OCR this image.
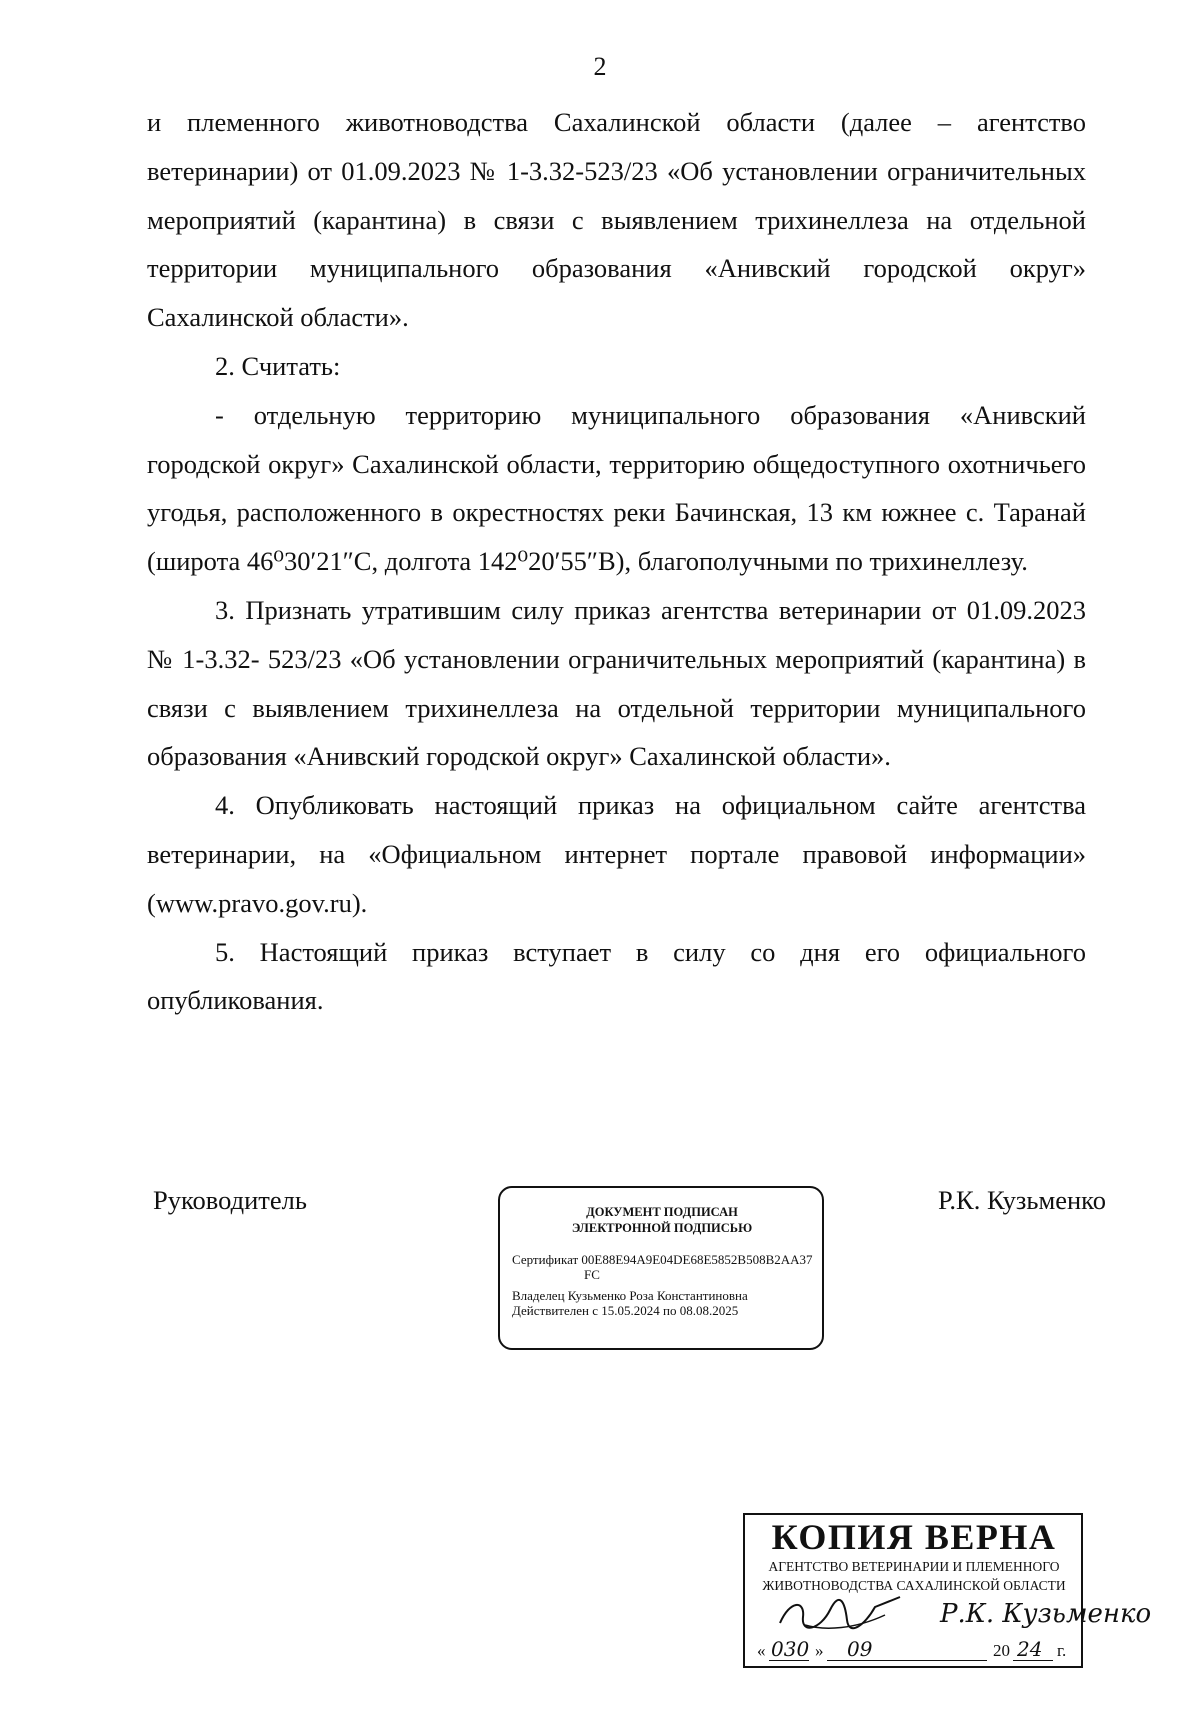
2

и племенного животноводства Сахалинской области (далее – агентство ветеринарии) от 01.09.2023 № 1-3.32-523/23 «Об установлении ограничительных мероприятий (карантина) в связи с выявлением трихинеллеза на отдельной территории муниципального образования «Анивский городской округ» Сахалинской области».

2. Считать:

- отдельную территорию муниципального образования «Анивский городской округ» Сахалинской области, территорию общедоступного охотничьего угодья, расположенного в окрестностях реки Бачинская, 13 км южнее с. Таранай (широта 46⁰30′21″С, долгота 142⁰20′55″В), благополучными по трихинеллезу.

3. Признать утратившим силу приказ агентства ветеринарии от 01.09.2023 № 1-3.32- 523/23 «Об установлении ограничительных мероприятий (карантина) в связи с выявлением трихинеллеза на отдельной территории муниципального образования «Анивский городской округ» Сахалинской области».

4. Опубликовать настоящий приказ на официальном сайте агентства ветеринарии, на «Официальном интернет портале правовой информации» (www.pravo.gov.ru).

5. Настоящий приказ вступает в силу со дня его официального опубликования.

Руководитель	Р.К. Кузьменко
ДОКУМЕНТ ПОДПИСАН
ЭЛЕКТРОННОЙ ПОДПИСЬЮ
Сертификат 00E88E94A9E04DE68E5852B508B2AA37
FC
Владелец Кузьменко Роза Константиновна
Действителен с 15.05.2024 по 08.08.2025
КОПИЯ ВЕРНА
АГЕНТСТВО ВЕТЕРИНАРИИ И ПЛЕМЕННОГО
ЖИВОТНОВОДСТВА САХАЛИНСКОЙ ОБЛАСТИ
Р.К. Кузьменко
« 030 » 09	20 24 г.
